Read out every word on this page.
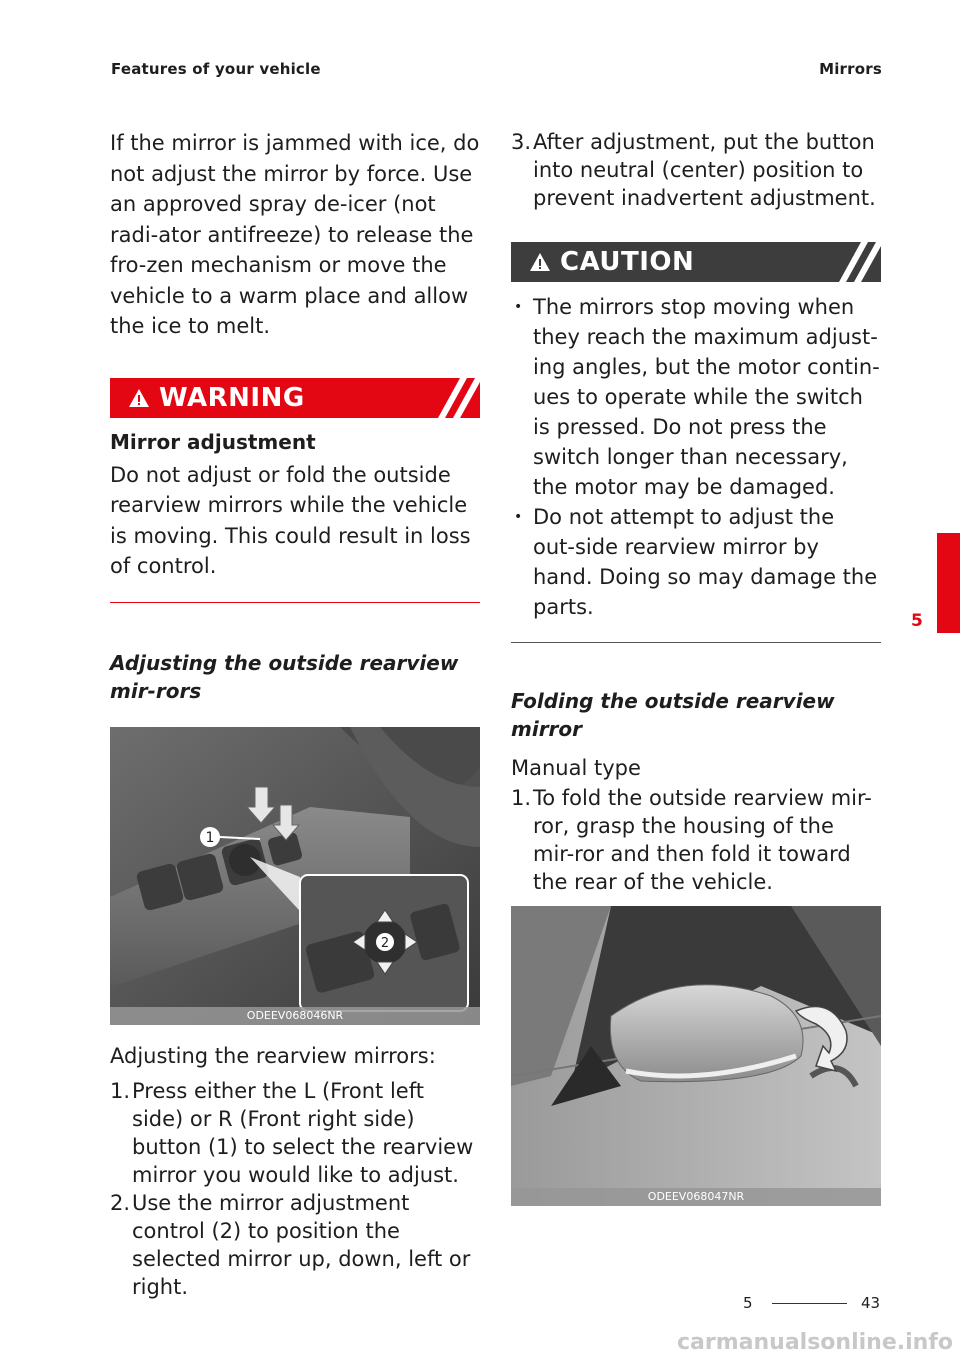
Features of your vehicle	Mirrors

If the mirror is jammed with ice, do not adjust the mirror by force. Use an approved spray de-icer (not radi-ator antifreeze) to release the fro-zen mechanism or move the vehicle to a warm place and allow the ice to melt.

WARNING
Mirror adjustment

Do not adjust or fold the outside rearview mirrors while the vehicle is moving. This could result in loss of control.

Adjusting the outside rearview mir-rors

1
2
ODEEV068046NR

Adjusting the rearview mirrors:

1. Press either the L (Front left side) or R (Front right side) button (1) to select the rearview mirror you would like to adjust.
2. Use the mirror adjustment control (2) to position the selected mirror up, down, left or right.
3. After adjustment, put the button into neutral (center) position to prevent inadvertent adjustment.
CAUTION
• The mirrors stop moving when they reach the maximum adjust-ing angles, but the motor contin-ues to operate while the switch is pressed. Do not press the switch longer than necessary, the motor may be damaged.
• Do not attempt to adjust the out-side rearview mirror by hand. Doing so may damage the parts.

Folding the outside rearview mirror

Manual type

1. To fold the outside rearview mir-ror, grasp the housing of the mir-ror and then fold it toward the rear of the vehicle.
ODEEV068047NR
5
5	43
carmanualsonline.info
